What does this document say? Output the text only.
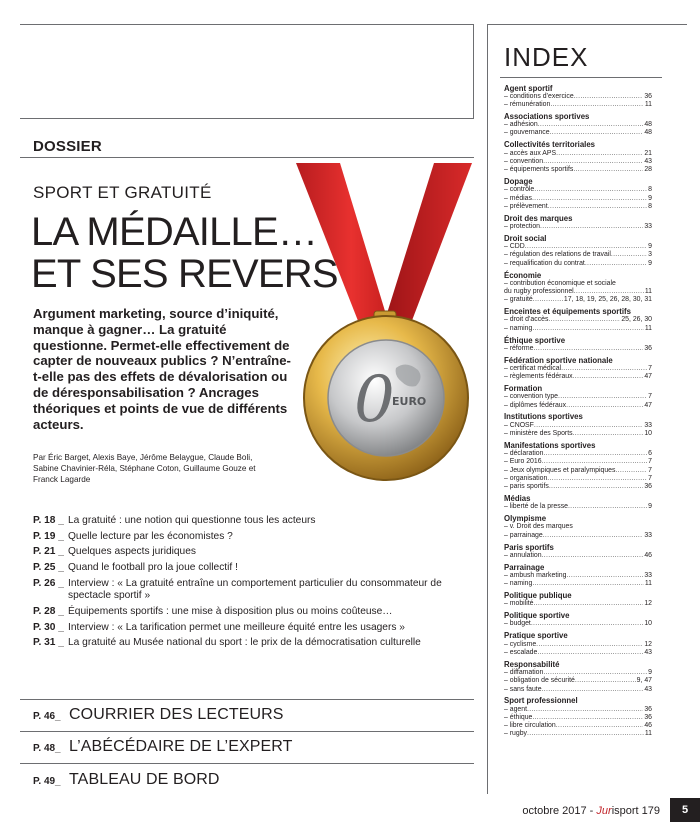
DOSSIER
SPORT ET GRATUITÉ
LA MÉDAILLE…
ET SES REVERS
0
EURO
Argument marketing, source d’iniquité, manque à gagner… La gratuité questionne. Permet-elle effectivement de capter de nouveaux publics ? N’entraîne-t-elle pas des effets de dévalorisation ou de déresponsabilisation ? Ancrages théoriques et points de vue de différents acteurs.
Par Éric Barget, Alexis Baye, Jérôme Belaygue, Claude Boli, Sabine Chavinier-Réla, Stéphane Coton, Guillaume Gouze et Franck Lagarde
P. 18 _ La gratuité : une notion qui questionne tous les acteurs
P. 19 _ Quelle lecture par les économistes ?
P. 21 _ Quelques aspects juridiques
P. 25 _ Quand le football pro la joue collectif !
P. 26 _ Interview : « La gratuité entraîne un comportement particulier du consommateur de spectacle sportif »
P. 28 _ Équipements sportifs : une mise à disposition plus ou moins coûteuse…
P. 30 _ Interview : « La tarification permet une meilleure équité entre les usagers »
P. 31 _ La gratuité au Musée national du sport : le prix de la démocratisation culturelle
P. 46_ COURRIER DES LECTEURS
P. 48_ L’ABÉCÉDAIRE DE L’EXPERT
P. 49_ TABLEAU DE BORD
INDEX
Agent sportif
– conditions d’exercice .....	36
– rémunération .....	11
Associations sportives
– adhésion .....	48
– gouvernance .....	48
Collectivités territoriales
– accès aux APS .....	21
– convention .....	43
– équipements sportifs .....	28
Dopage
– contrôle .....	8
– médias .....	9
– prélèvement .....	8
Droit des marques
– protection .....	33
Droit social
– CDD .....	9
– régulation des relations de travail .....	3
– requalification du contrat .....	9
Économie
– contribution économique et sociale
du rugby professionnel .....	11
– gratuité .....	17, 18, 19, 25, 26, 28, 30, 31
Enceintes et équipements sportifs
– droit d’accès .....	25, 26, 30
– naming .....	11
Éthique sportive
– réforme .....	36
Fédération sportive nationale
– certificat médical .....	7
– règlements fédéraux .....	47
Formation
– convention type .....	7
– diplômes fédéraux .....	47
Institutions sportives
– CNOSF .....	33
– ministère des Sports .....	10
Manifestations sportives
– déclaration .....	6
– Euro 2016 .....	7
– Jeux olympiques et paralympiques .....	7
– organisation .....	7
– paris sportifs .....	36
Médias
– liberté de la presse .....	9
Olympisme
– v. Droit des marques
– parrainage .....	33
Paris sportifs
– annulation .....	46
Parrainage
– ambush marketing .....	33
– naming .....	11
Politique publique
– mobilité .....	12
Politique sportive
– budget .....	10
Pratique sportive
– cyclisme .....	12
– escalade .....	43
Responsabilité
– diffamation .....	9
– obligation de sécurité .....	9, 47
– sans faute .....	43
Sport professionnel
– agent .....	36
– éthique .....	36
– libre circulation .....	46
– rugby .....	11
octobre 2017 - Jurisport 179	5
